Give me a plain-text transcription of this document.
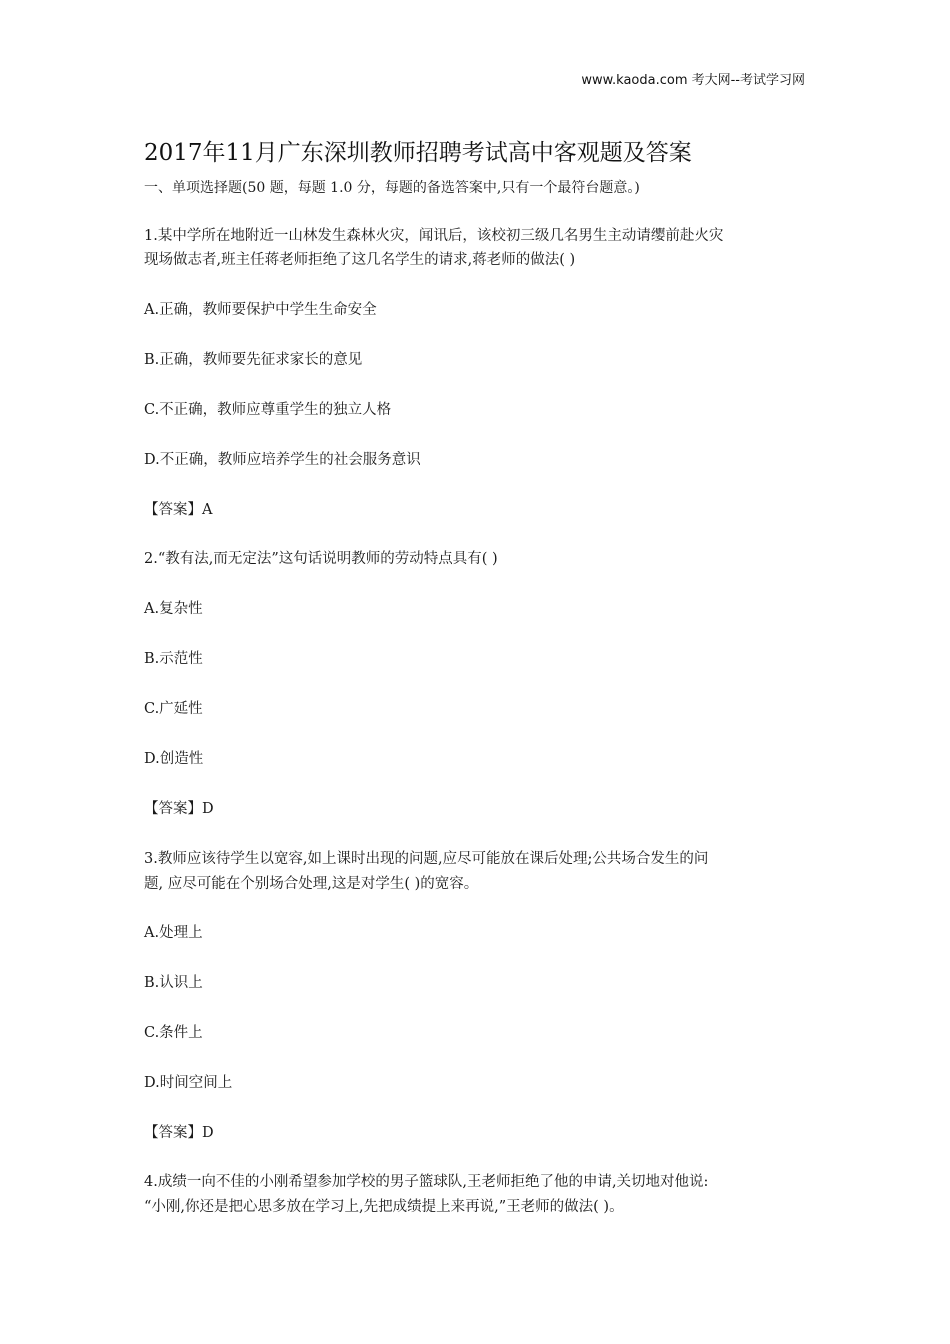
www.kaoda.com 考大网--考试学习网
2017年11月广东深圳教师招聘考试高中客观题及答案
一、单项选择题(50 题，每题 1.0 分，每题的备选答案中,只有一个最符台题意。)
1.某中学所在地附近一山林发生森林火灾，闻讯后，该校初三级几名男生主动请缨前赴火灾
现场做志者,班主任蒋老师拒绝了这几名学生的请求,蒋老师的做法( )
A.正确，教师要保护中学生生命安全
B.正确，教师要先征求家长的意见
C.不正确，教师应尊重学生的独立人格
D.不正确，教师应培养学生的社会服务意识
【答案】A
2.“教有法,而无定法”这句话说明教师的劳动特点具有( )
A.复杂性
B.示范性
C.广延性
D.创造性
【答案】D
3.教师应该待学生以宽容,如上课时出现的问题,应尽可能放在课后处理;公共场合发生的问
题, 应尽可能在个别场合处理,这是对学生( )的宽容。
A.处理上
B.认识上
C.条件上
D.时间空间上
【答案】D
4.成绩一向不佳的小刚希望参加学校的男子篮球队,王老师拒绝了他的申请,关切地对他说:
“小刚,你还是把心思多放在学习上,先把成绩提上来再说,”王老师的做法( )。
